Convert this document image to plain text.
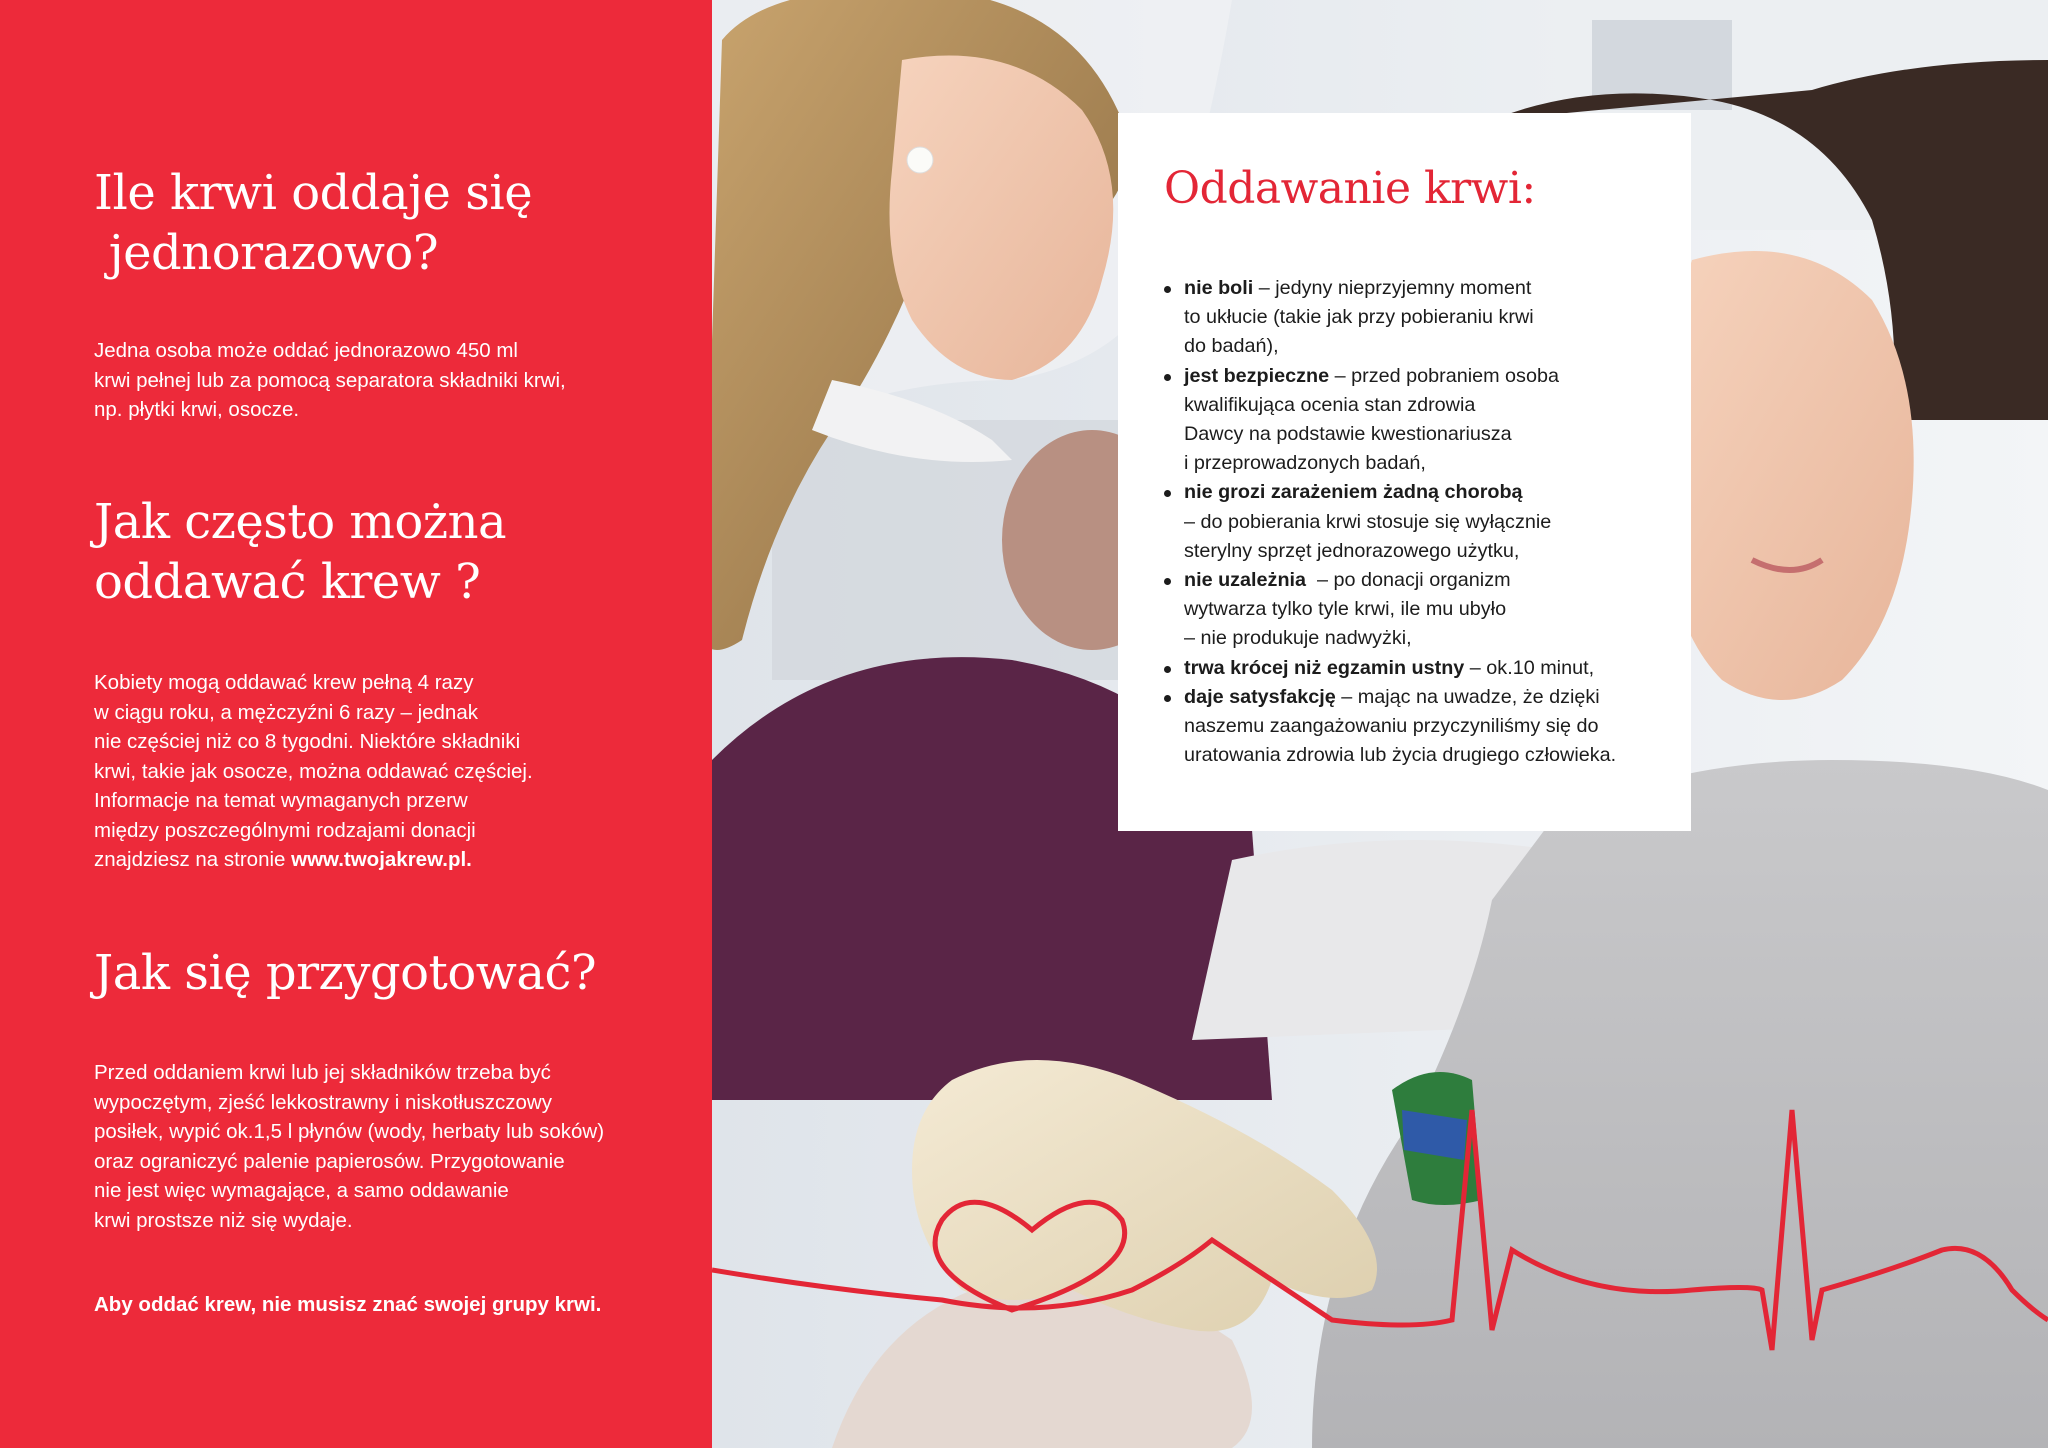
Ile krwi oddaje się
jednorazowo?

Jedna osoba może oddać jednorazowo 450 ml
krwi pełnej lub za pomocą separatora składniki krwi,
np. płytki krwi, osocze.

Jak często można
oddawać krew ?

Kobiety mogą oddawać krew pełną 4 razy
w ciągu roku, a mężczyźni 6 razy – jednak
nie częściej niż co 8 tygodni. Niektóre składniki
krwi, takie jak osocze, można oddawać częściej.
Informacje na temat wymaganych przerw
między poszczególnymi rodzajami donacji
znajdziesz na stronie www.twojakrew.pl.

Jak się przygotować?

Przed oddaniem krwi lub jej składników trzeba być
wypoczętym, zjeść lekkostrawny i niskotłuszczowy
posiłek, wypić ok.1,5 l płynów (wody, herbaty lub soków)
oraz ograniczyć palenie papierosów. Przygotowanie
nie jest więc wymagające, a samo oddawanie
krwi prostsze niż się wydaje.

Aby oddać krew, nie musisz znać swojej grupy krwi.

Oddawanie krwi:
nie boli – jedyny nieprzyjemny moment
to ukłucie (takie jak przy pobieraniu krwi
do badań),
jest bezpieczne – przed pobraniem osoba
kwalifikująca ocenia stan zdrowia
Dawcy na podstawie kwestionariusza
i przeprowadzonych badań,
nie grozi zarażeniem żadną chorobą
– do pobierania krwi stosuje się wyłącznie
sterylny sprzęt jednorazowego użytku,
nie uzależnia  – po donacji organizm
wytwarza tylko tyle krwi, ile mu ubyło
– nie produkuje nadwyżki,
trwa krócej niż egzamin ustny – ok.10 minut,
daje satysfakcję – mając na uwadze, że dzięki
naszemu zaangażowaniu przyczyniliśmy się do
uratowania zdrowia lub życia drugiego człowieka.
